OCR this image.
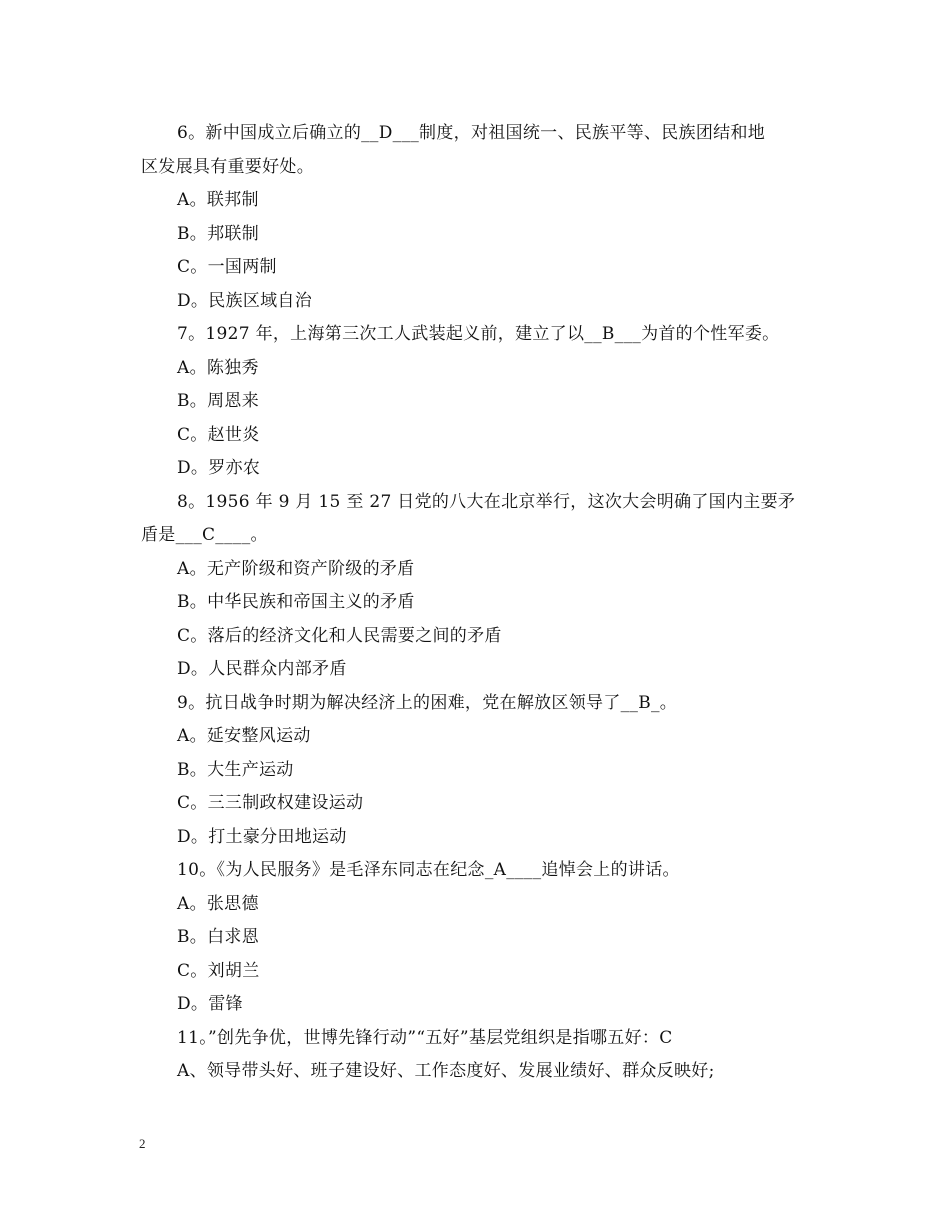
6。新中国成立后确立的__D___制度，对祖国统一、民族平等、民族团结和地
区发展具有重要好处。
A。联邦制
B。邦联制
C。一国两制
D。民族区域自治
7。1927 年，上海第三次工人武装起义前，建立了以__B___为首的个性军委。
A。陈独秀
B。周恩来
C。赵世炎
D。罗亦农
8。1956 年 9 月 15 至 27 日党的八大在北京举行，这次大会明确了国内主要矛
盾是___C____。
A。无产阶级和资产阶级的矛盾
B。中华民族和帝国主义的矛盾
C。落后的经济文化和人民需要之间的矛盾
D。人民群众内部矛盾
9。抗日战争时期为解决经济上的困难，党在解放区领导了__B_。
A。延安整风运动
B。大生产运动
C。三三制政权建设运动
D。打土豪分田地运动
10。《为人民服务》是毛泽东同志在纪念_A____追悼会上的讲话。
A。张思德
B。白求恩
C。刘胡兰
D。雷锋
11。”创先争优，世博先锋行动”“五好”基层党组织是指哪五好：C
A、领导带头好、班子建设好、工作态度好、发展业绩好、群众反映好;
2
